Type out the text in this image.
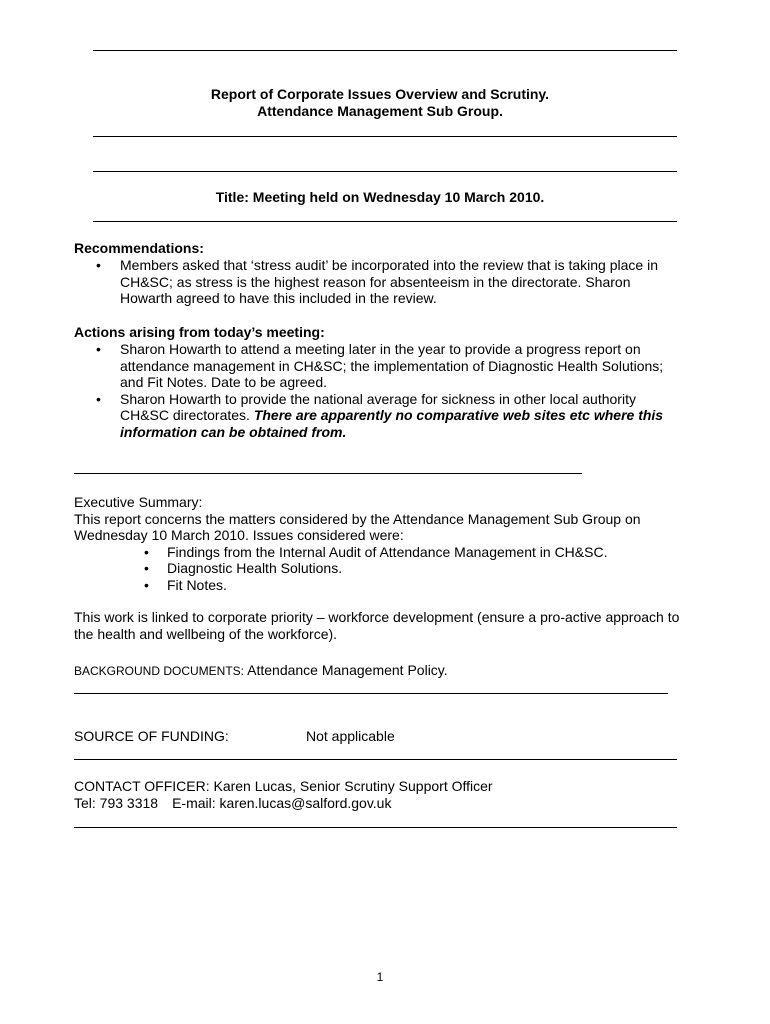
Report of Corporate Issues Overview and Scrutiny.
Attendance Management Sub Group.
Title: Meeting held on Wednesday 10 March 2010.
Recommendations:
• Members asked that ‘stress audit’ be incorporated into the review that is taking place in CH&SC; as stress is the highest reason for absenteeism in the directorate. Sharon Howarth agreed to have this included in the review.
Actions arising from today’s meeting:
• Sharon Howarth to attend a meeting later in the year to provide a progress report on attendance management in CH&SC; the implementation of Diagnostic Health Solutions; and Fit Notes. Date to be agreed.
• Sharon Howarth to provide the national average for sickness in other local authority CH&SC directorates. There are apparently no comparative web sites etc where this information can be obtained from.

Executive Summary:

This report concerns the matters considered by the Attendance Management Sub Group on Wednesday 10 March 2010. Issues considered were:

• Findings from the Internal Audit of Attendance Management in CH&SC.
• Diagnostic Health Solutions.
• Fit Notes.

This work is linked to corporate priority – workforce development (ensure a pro-active approach to the health and wellbeing of the workforce).

BACKGROUND DOCUMENTS: Attendance Management Policy.
SOURCE OF FUNDING:	Not applicable

CONTACT OFFICER: Karen Lucas, Senior Scrutiny Support Officer

Tel: 793 3318 E-mail: karen.lucas@salford.gov.uk

1
